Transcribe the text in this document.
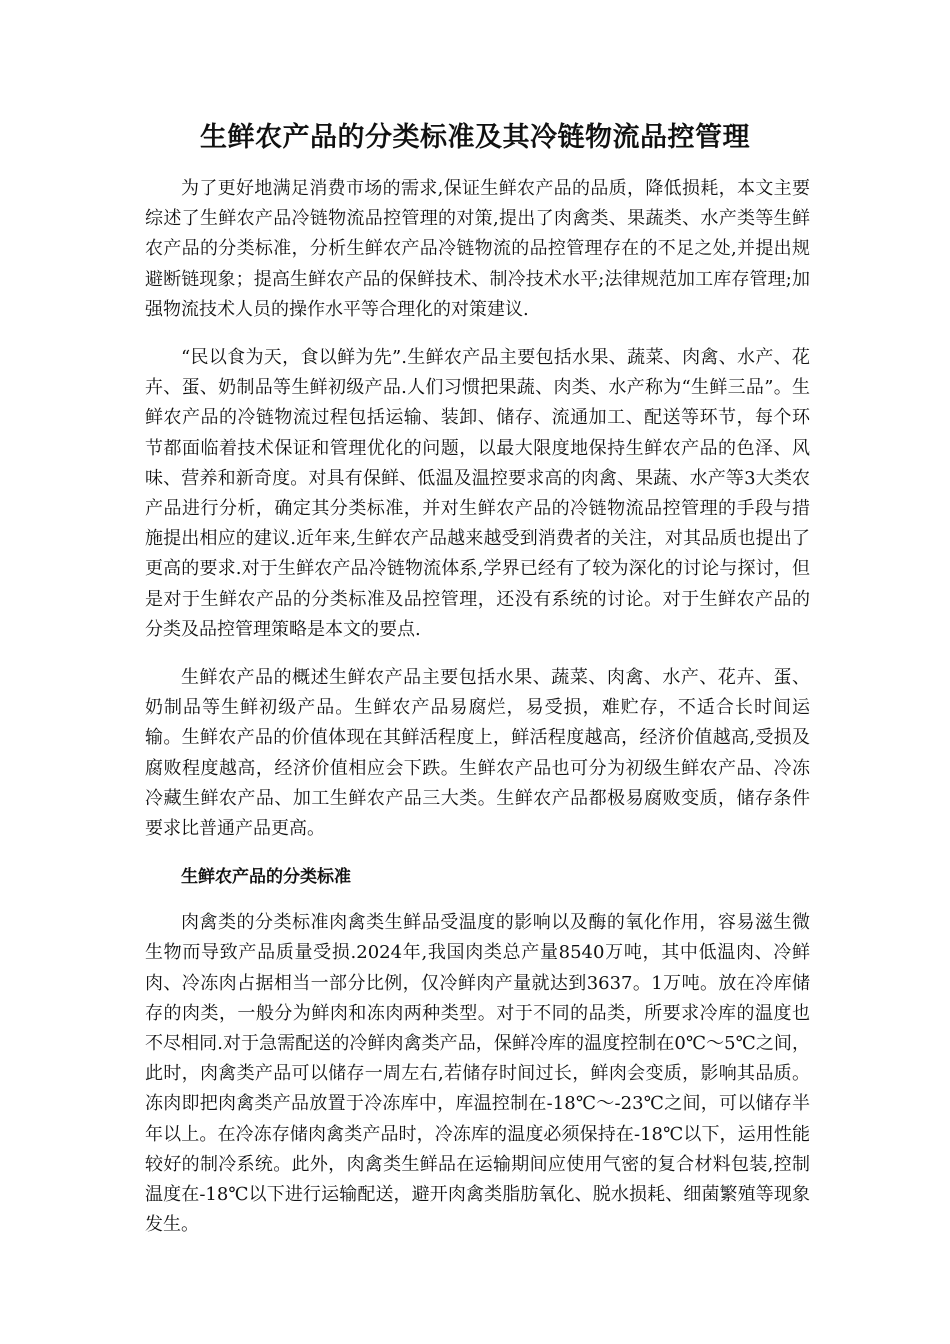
生鲜农产品的分类标准及其冷链物流品控管理

为了更好地满足消费市场的需求,保证生鲜农产品的品质，降低损耗，本文主要综述了生鲜农产品冷链物流品控管理的对策,提出了肉禽类、果蔬类、水产类等生鲜农产品的分类标准，分析生鲜农产品冷链物流的品控管理存在的不足之处,并提出规避断链现象；提高生鲜农产品的保鲜技术、制冷技术水平;法律规范加工库存管理;加强物流技术人员的操作水平等合理化的对策建议.

“民以食为天，食以鲜为先”.生鲜农产品主要包括水果、蔬菜、肉禽、水产、花卉、蛋、奶制品等生鲜初级产品.人们习惯把果蔬、肉类、水产称为“生鲜三品”。生鲜农产品的冷链物流过程包括运输、装卸、储存、流通加工、配送等环节，每个环节都面临着技术保证和管理优化的问题，以最大限度地保持生鲜农产品的色泽、风味、营养和新奇度。对具有保鲜、低温及温控要求高的肉禽、果蔬、水产等3大类农产品进行分析，确定其分类标准，并对生鲜农产品的冷链物流品控管理的手段与措施提出相应的建议.近年来,生鲜农产品越来越受到消费者的关注，对其品质也提出了更高的要求.对于生鲜农产品冷链物流体系,学界已经有了较为深化的讨论与探讨，但是对于生鲜农产品的分类标准及品控管理，还没有系统的讨论。对于生鲜农产品的分类及品控管理策略是本文的要点.

生鲜农产品的概述生鲜农产品主要包括水果、蔬菜、肉禽、水产、花卉、蛋、奶制品等生鲜初级产品。生鲜农产品易腐烂，易受损，难贮存，不适合长时间运输。生鲜农产品的价值体现在其鲜活程度上，鲜活程度越高，经济价值越高,受损及腐败程度越高，经济价值相应会下跌。生鲜农产品也可分为初级生鲜农产品、冷冻冷藏生鲜农产品、加工生鲜农产品三大类。生鲜农产品都极易腐败变质，储存条件要求比普通产品更高。

生鲜农产品的分类标准

肉禽类的分类标准肉禽类生鲜品受温度的影响以及酶的氧化作用，容易滋生微生物而导致产品质量受损.2024年,我国肉类总产量8540万吨，其中低温肉、冷鲜肉、冷冻肉占据相当一部分比例，仅冷鲜肉产量就达到3637。1万吨。放在冷库储存的肉类，一般分为鲜肉和冻肉两种类型。对于不同的品类，所要求冷库的温度也不尽相同.对于急需配送的冷鲜肉禽类产品，保鲜冷库的温度控制在0℃～5℃之间，此时，肉禽类产品可以储存一周左右,若储存时间过长，鲜肉会变质，影响其品质。冻肉即把肉禽类产品放置于冷冻库中，库温控制在-18℃～-23℃之间，可以储存半年以上。在冷冻存储肉禽类产品时，冷冻库的温度必须保持在-18℃以下，运用性能较好的制冷系统。此外，肉禽类生鲜品在运输期间应使用气密的复合材料包装,控制温度在-18℃以下进行运输配送，避开肉禽类脂肪氧化、脱水损耗、细菌繁殖等现象发生。
